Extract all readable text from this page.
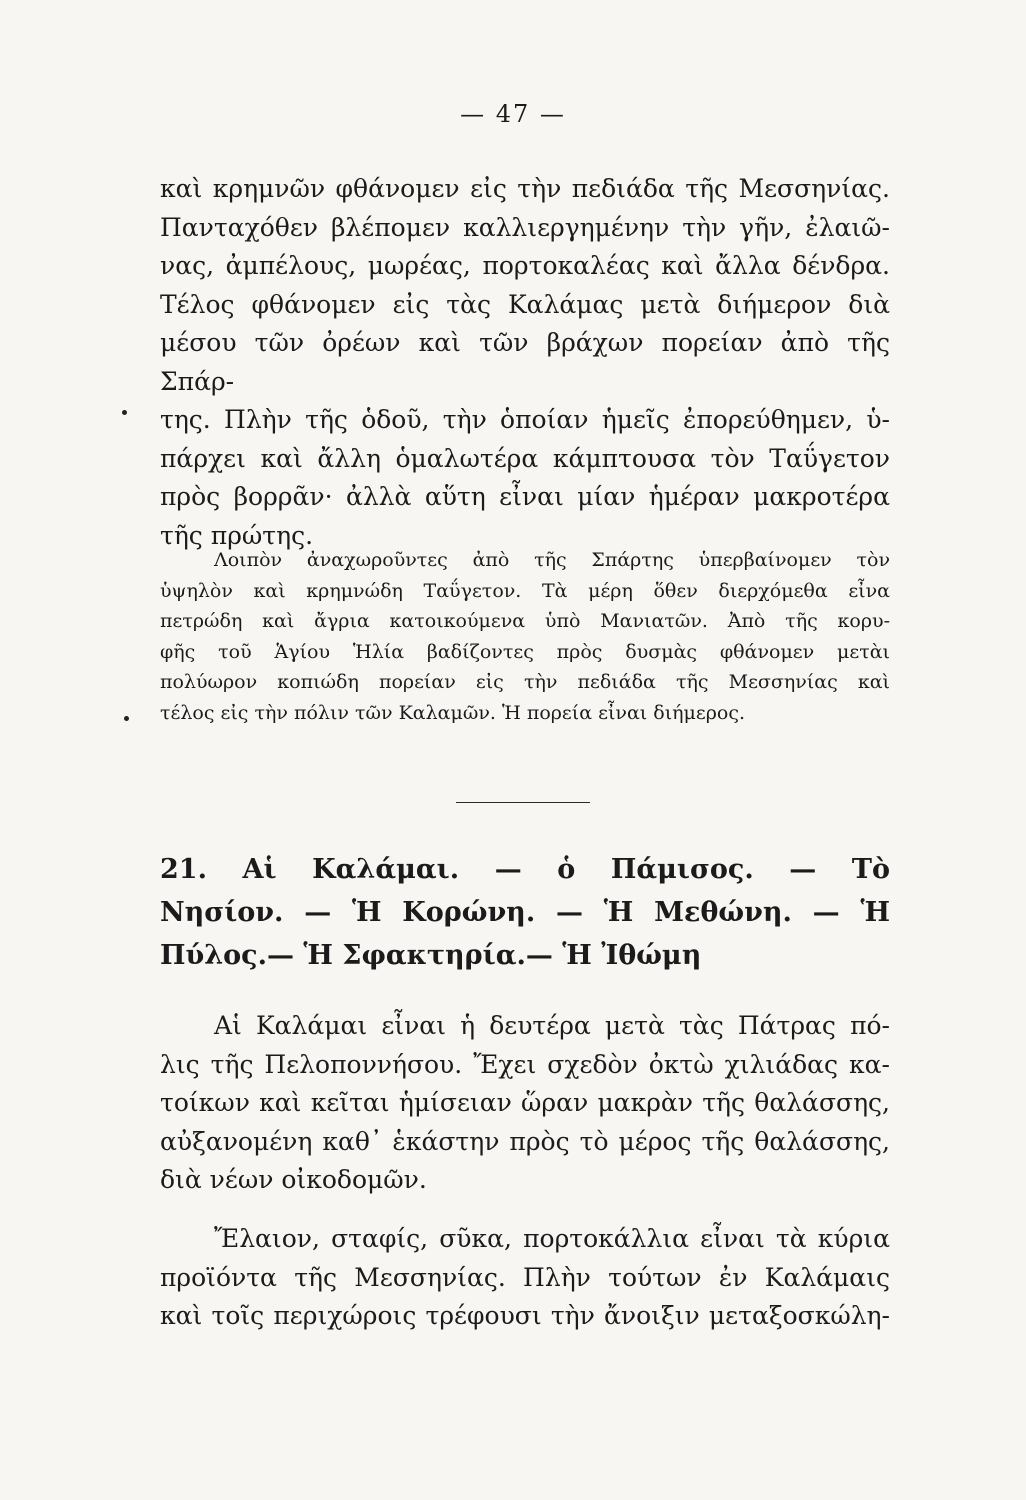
— 47 —
καὶ κρημνῶν φθάνομεν εἰς τὴν πεδιάδα τῆς Μεσσηνίας.
Πανταχόθεν βλέπομεν καλλιεργημένην τὴν γῆν, ἐλαιῶ-
νας, ἀμπέλους, μωρέας, πορτοκαλέας καὶ ἄλλα δένδρα.
Τέλος φθάνομεν εἰς τὰς Καλάμας μετὰ διήμερον διὰ
μέσου τῶν ὀρέων καὶ τῶν βράχων πορείαν ἀπὸ τῆς Σπάρ-
της. Πλὴν τῆς ὁδοῦ, τὴν ὁποίαν ἡμεῖς ἐπορεύθημεν, ὑ-
πάρχει καὶ ἄλλη ὁμαλωτέρα κάμπτουσα τὸν Ταΰγετον
πρὸς βορρᾶν· ἀλλὰ αὕτη εἶναι μίαν ἡμέραν μακροτέρα
τῆς πρώτης.
Λοιπὸν ἀναχωροῦντες ἀπὸ τῆς Σπάρτης ὑπερβαίνομεν τὸν
ὑψηλὸν καὶ κρημνώδη Ταΰγετον. Τὰ μέρη ὅθεν διερχόμεθα εἶνα
πετρώδη καὶ ἄγρια κατοικούμενα ὑπὸ Μανιατῶν. Ἀπὸ τῆς κορυ-
φῆς τοῦ Ἁγίου Ἡλία βαδίζοντες πρὸς δυσμὰς φθάνομεν μετὰι
πολύωρον κοπιώδη πορείαν εἰς τὴν πεδιάδα τῆς Μεσσηνίας καὶ
τέλος εἰς τὴν πόλιν τῶν Καλαμῶν. Ἡ πορεία εἶναι διήμερος.
21. Αἱ Καλάμαι. — ὁ Πάμισος. — Τὸ
Νησίον. — Ἡ Κορώνη. — Ἡ Μεθώνη. — Ἡ
Πύλος.— Ἡ Σφακτηρία.— Ἡ Ἰθώμη
Αἱ Καλάμαι εἶναι ἡ δευτέρα μετὰ τὰς Πάτρας πό-
λις τῆς Πελοποννήσου. Ἔχει σχεδὸν ὀκτὼ χιλιάδας κα-
τοίκων καὶ κεῖται ἡμίσειαν ὥραν μακρὰν τῆς θαλάσσης,
αὐξανομένη καθ᾽ ἑκάστην πρὸς τὸ μέρος τῆς θαλάσσης,
διὰ νέων οἰκοδομῶν.
Ἔλαιον, σταφίς, σῦκα, πορτοκάλλια εἶναι τὰ κύρια
προϊόντα τῆς Μεσσηνίας. Πλὴν τούτων ἐν Καλάμαις
καὶ τοῖς περιχώροις τρέφουσι τὴν ἄνοιξιν μεταξοσκώλη-
